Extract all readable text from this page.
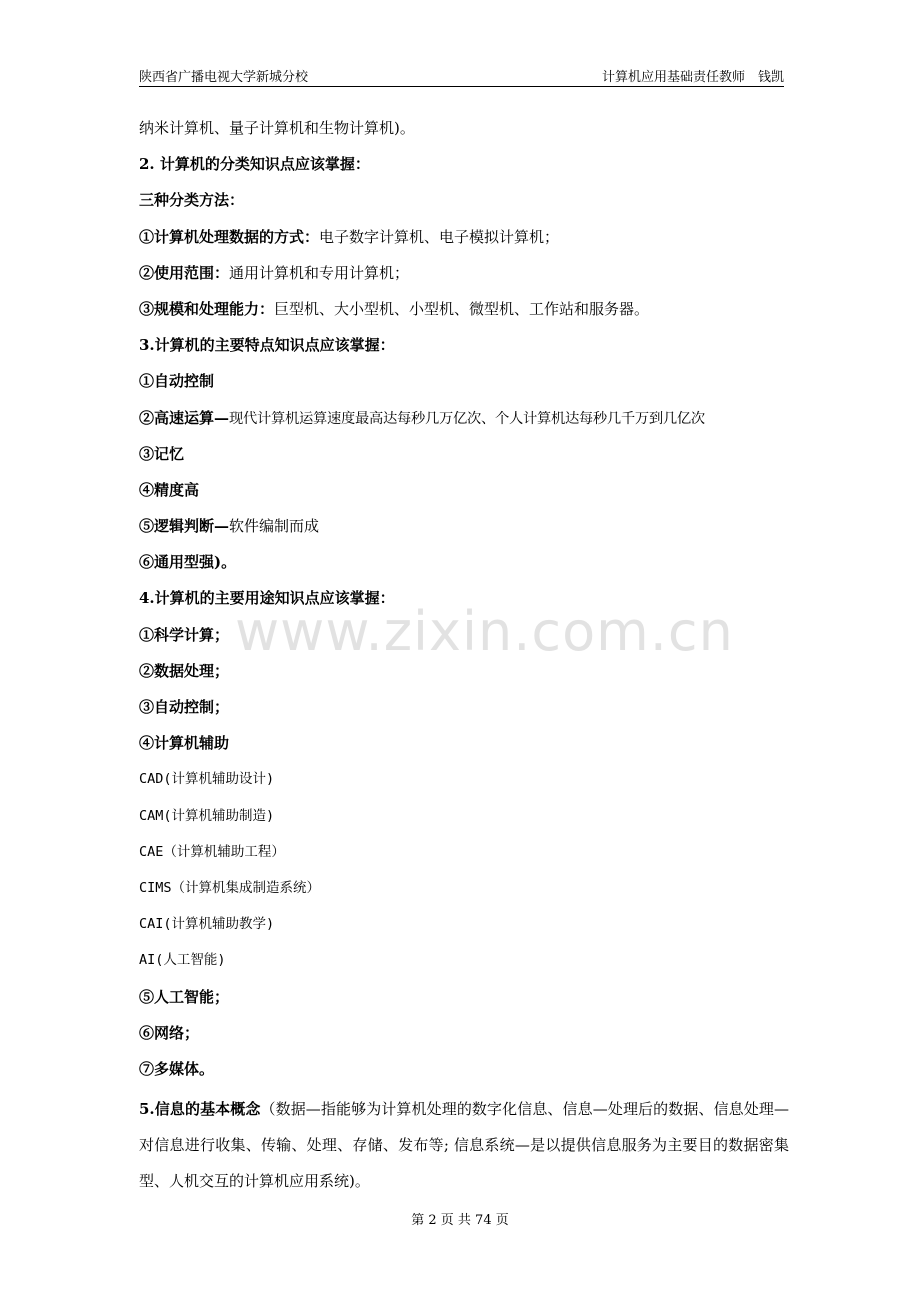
陕西省广播电视大学新城分校	计算机应用基础责任教师　钱凯
纳米计算机、量子计算机和生物计算机)。
2. 计算机的分类知识点应该掌握：
三种分类方法：
①计算机处理数据的方式：电子数字计算机、电子模拟计算机；
②使用范围：通用计算机和专用计算机；
③规模和处理能力：巨型机、大小型机、小型机、微型机、工作站和服务器。
3.计算机的主要特点知识点应该掌握：
①自动控制
②高速运算—现代计算机运算速度最高达每秒几万亿次、个人计算机达每秒几千万到几亿次
③记忆
④精度高
⑤逻辑判断—软件编制而成
⑥通用型强)。
4.计算机的主要用途知识点应该掌握：
①科学计算；
②数据处理；
③自动控制；
④计算机辅助
CAD(计算机辅助设计)
CAM(计算机辅助制造)
CAE（计算机辅助工程）
CIMS（计算机集成制造系统）
CAI(计算机辅助教学)
AI(人工智能)
⑤人工智能；
⑥网络；
⑦多媒体。
5.信息的基本概念（数据—指能够为计算机处理的数字化信息、信息—处理后的数据、信息处理—对信息进行收集、传输、处理、存储、发布等; 信息系统—是以提供信息服务为主要目的数据密集型、人机交互的计算机应用系统)。
www.zixin.com.cn
第 2 页 共 74 页
